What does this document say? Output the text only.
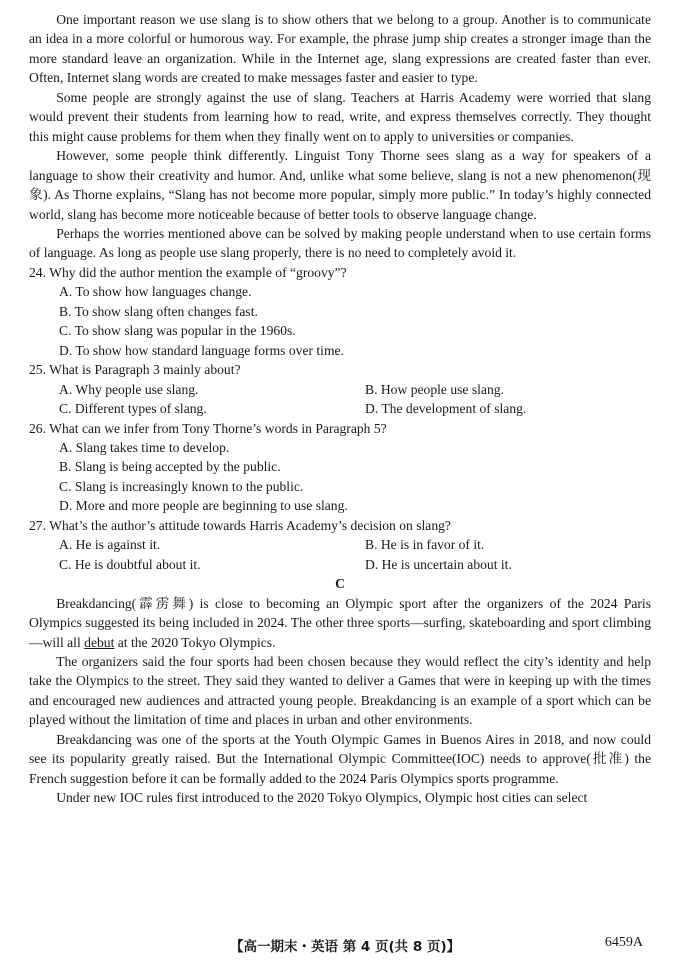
One important reason we use slang is to show others that we belong to a group. Another is to communicate an idea in a more colorful or humorous way. For example, the phrase jump ship creates a stronger image than the more standard leave an organization. While in the Internet age, slang expressions are created faster than ever. Often, Internet slang words are created to make messages faster and easier to type.

Some people are strongly against the use of slang. Teachers at Harris Academy were worried that slang would prevent their students from learning how to read, write, and express themselves correctly. They thought this might cause problems for them when they finally went on to apply to universities or companies.

However, some people think differently. Linguist Tony Thorne sees slang as a way for speakers of a language to show their creativity and humor. And, unlike what some believe, slang is not a new phenomenon(现象). As Thorne explains, “Slang has not become more popular, simply more public.” In today’s highly connected world, slang has become more noticeable because of better tools to observe language change.

Perhaps the worries mentioned above can be solved by making people understand when to use certain forms of language. As long as people use slang properly, there is no need to completely avoid it.

24. Why did the author mention the example of “groovy”?
A. To show how languages change.
B. To show slang often changes fast.
C. To show slang was popular in the 1960s.
D. To show how standard language forms over time.
25. What is Paragraph 3 mainly about?
A. Why people use slang.	B. How people use slang.
C. Different types of slang.	D. The development of slang.
26. What can we infer from Tony Thorne’s words in Paragraph 5?
A. Slang takes time to develop.
B. Slang is being accepted by the public.
C. Slang is increasingly known to the public.
D. More and more people are beginning to use slang.
27. What’s the author’s attitude towards Harris Academy’s decision on slang?
A. He is against it.	B. He is in favor of it.
C. He is doubtful about it.	D. He is uncertain about it.
C

Breakdancing(霹雳舞) is close to becoming an Olympic sport after the organizers of the 2024 Paris Olympics suggested its being included in 2024. The other three sports—surfing, skateboarding and sport climbing—will all debut at the 2020 Tokyo Olympics.

The organizers said the four sports had been chosen because they would reflect the city’s identity and help take the Olympics to the street. They said they wanted to deliver a Games that were in keeping up with the times and encouraged new audiences and attracted young people. Breakdancing is an example of a sport which can be played without the limitation of time and places in urban and other environments.

Breakdancing was one of the sports at the Youth Olympic Games in Buenos Aires in 2018, and now could see its popularity greatly raised. But the International Olympic Committee(IOC) needs to approve(批准) the French suggestion before it can be formally added to the 2024 Paris Olympics sports programme.

Under new IOC rules first introduced to the 2020 Tokyo Olympics, Olympic host cities can select

【高一期末・英语 第 4 页(共 8 页)】	6459A
